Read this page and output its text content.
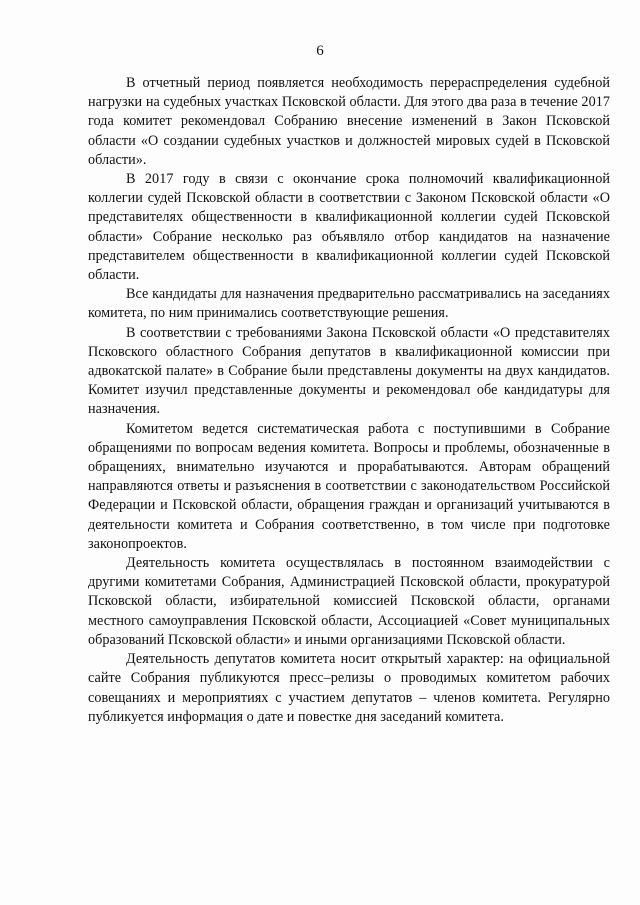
6

В отчетный период появляется необходимость перераспределения судебной нагрузки на судебных участках Псковской области. Для этого два раза в течение 2017 года комитет рекомендовал Собранию внесение изменений в Закон Псковской области «О создании судебных участков и должностей мировых судей в Псковской области».

В 2017 году в связи с окончание срока полномочий квалификационной коллегии судей Псковской области в соответствии с Законом Псковской области «О представителях общественности в квалификационной коллегии судей Псковской области» Собрание несколько раз объявляло отбор кандидатов на назначение представителем общественности в квалификационной коллегии судей Псковской области.

Все кандидаты для назначения предварительно рассматривались на заседаниях комитета, по ним принимались соответствующие решения.

В соответствии с требованиями Закона Псковской области «О представителях Псковского областного Собрания депутатов в квалификационной комиссии при адвокатской палате» в Собрание были представлены документы на двух кандидатов. Комитет изучил представленные документы и рекомендовал обе кандидатуры для назначения.

Комитетом ведется систематическая работа с поступившими в Собрание обращениями по вопросам ведения комитета. Вопросы и проблемы, обозначенные в обращениях, внимательно изучаются и прорабатываются. Авторам обращений направляются ответы и разъяснения в соответствии с законодательством Российской Федерации и Псковской области, обращения граждан и организаций учитываются в деятельности комитета и Собрания соответственно, в том числе при подготовке законопроектов.

Деятельность комитета осуществлялась в постоянном взаимодействии с другими комитетами Собрания, Администрацией Псковской области, прокуратурой Псковской области, избирательной комиссией Псковской области, органами местного самоуправления Псковской области, Ассоциацией «Совет муниципальных образований Псковской области» и иными организациями Псковской области.

Деятельность депутатов комитета носит открытый характер: на официальной сайте Собрания публикуются пресс–релизы о проводимых комитетом рабочих совещаниях и мероприятиях с участием депутатов – членов комитета. Регулярно публикуется информация о дате и повестке дня заседаний комитета.
